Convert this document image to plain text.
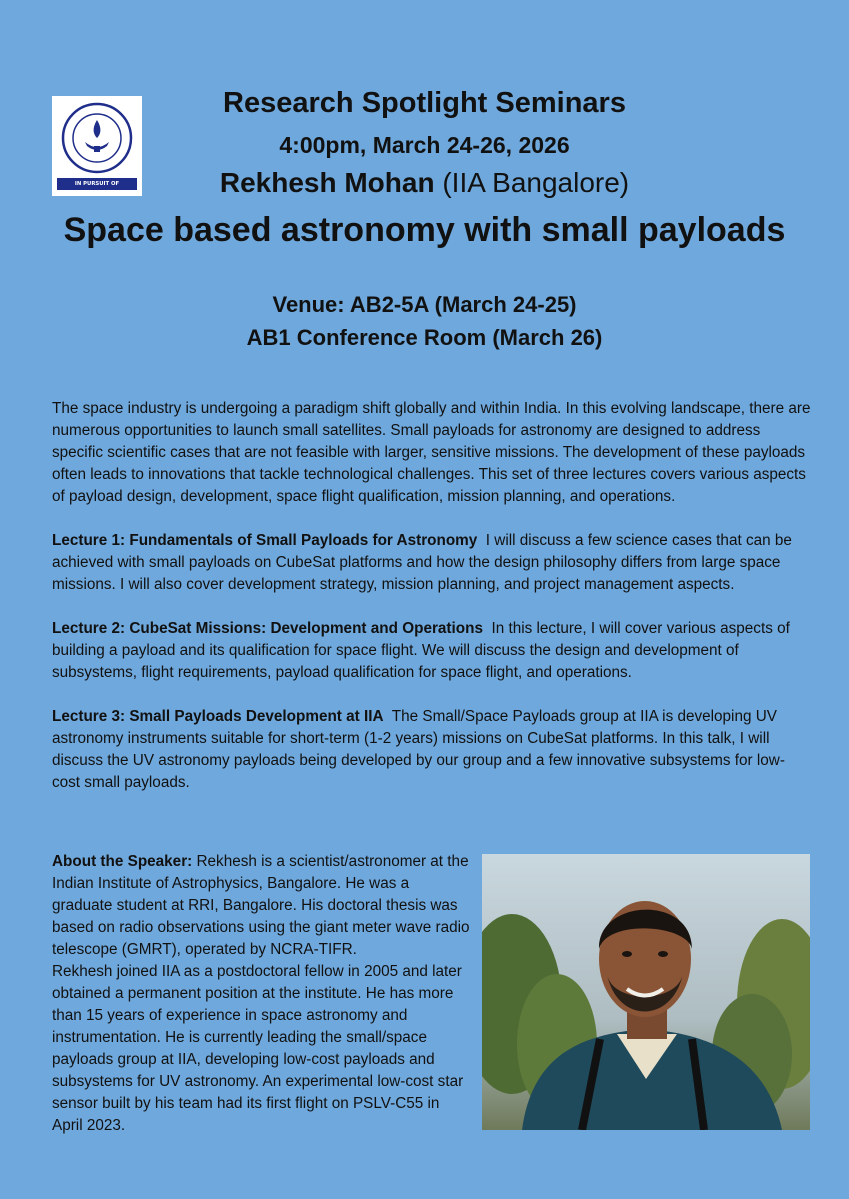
IN PURSUIT OF KNOWLEDGE
Research Spotlight Seminars
4:00pm, March 24-26, 2026
Rekhesh Mohan (IIA Bangalore)
Space based astronomy with small payloads
Venue: AB2-5A (March 24-25)
AB1 Conference Room (March 26)

The space industry is undergoing a paradigm shift globally and within India. In this evolving landscape, there are numerous opportunities to launch small satellites. Small payloads for astronomy are designed to address specific scientific cases that are not feasible with larger, sensitive missions. The development of these payloads often leads to innovations that tackle technological challenges. This set of three lectures covers various aspects of payload design, development, space flight qualification, mission planning, and operations.

Lecture 1: Fundamentals of Small Payloads for Astronomy I will discuss a few science cases that can be achieved with small payloads on CubeSat platforms and how the design philosophy differs from large space missions. I will also cover development strategy, mission planning, and project management aspects.

Lecture 2: CubeSat Missions: Development and Operations In this lecture, I will cover various aspects of building a payload and its qualification for space flight. We will discuss the design and development of subsystems, flight requirements, payload qualification for space flight, and operations.

Lecture 3: Small Payloads Development at IIA The Small/Space Payloads group at IIA is developing UV astronomy instruments suitable for short-term (1-2 years) missions on CubeSat platforms. In this talk, I will discuss the UV astronomy payloads being developed by our group and a few innovative subsystems for low-cost small payloads.

About the Speaker: Rekhesh is a scientist/astronomer at the Indian Institute of Astrophysics, Bangalore. He was a graduate student at RRI, Bangalore. His doctoral thesis was based on radio observations using the giant meter wave radio telescope (GMRT), operated by NCRA-TIFR.
Rekhesh joined IIA as a postdoctoral fellow in 2005 and later obtained a permanent position at the institute. He has more than 15 years of experience in space astronomy and instrumentation. He is currently leading the small/space payloads group at IIA, developing low-cost payloads and subsystems for UV astronomy. An experimental low-cost star sensor built by his team had its first flight on PSLV-C55 in April 2023.
